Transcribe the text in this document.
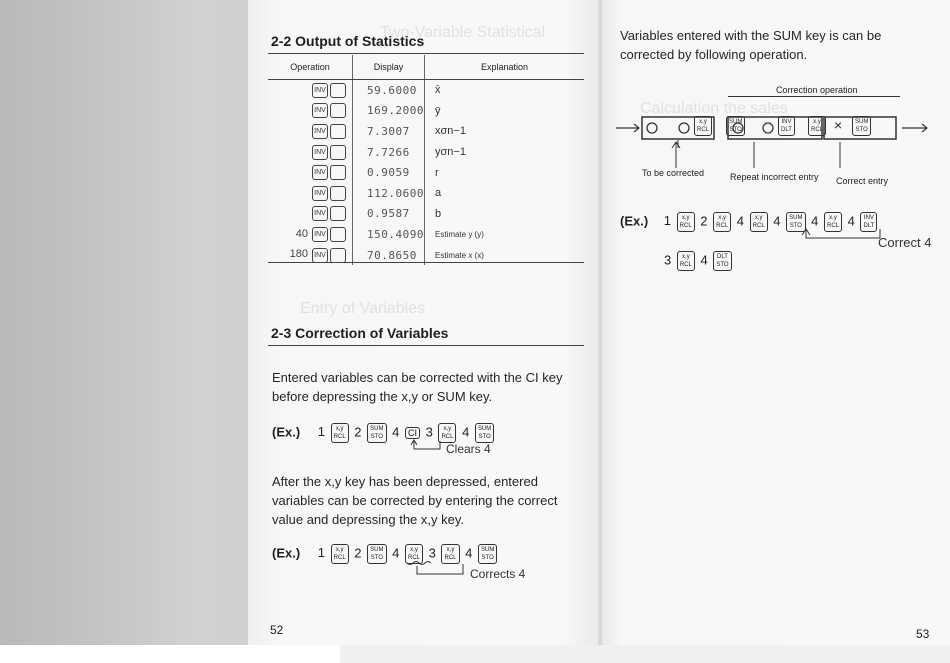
Two-Variable Statistical
Calculation the sales
Entry of Variables
2-2 Output of Statistics
Operation	Display	Explanation
INV	59.6000	x̄
INV	169.2000	ȳ
INV	7.3007	xσn−1
INV	7.7266	yσn−1
INV	0.9059	r
INV	112.0600	a
INV	0.9587	b
40 INV	150.4090	Estimate y (y)
180 INV	70.8650	Estimate x (x)
2-3 Correction of Variables
Entered variables can be corrected with the CI key before depressing the x,y or SUM key.
(Ex.) 1 x,y
RCL 2 SUM
STO 4 CI 3 x,y
RCL 4 SUM
STO
Clears 4
After the x,y key has been depressed, entered variables can be corrected by entering the correct value and depressing the x,y key.
(Ex.) 1 x,y
RCL 2 SUM
STO 4 x,y
RCL 3 x,y
RCL 4 SUM
STO
Corrects 4
52
Variables entered with the SUM key is can be corrected by following operation.
Correction operation
x,y
RCL
SUM
STO
INV
DLT
x,y
RCL ×	SUM
STO
To be corrected	Repeat incorrect entry Correct entry
(Ex.) 1 x,y
RCL 2 x,y
RCL 4 x,y
RCL 4 SUM
STO 4 x,y
RCL 4 INV
DLT
Correct 4
3 x,y
RCL 4 DLT
STO
53
